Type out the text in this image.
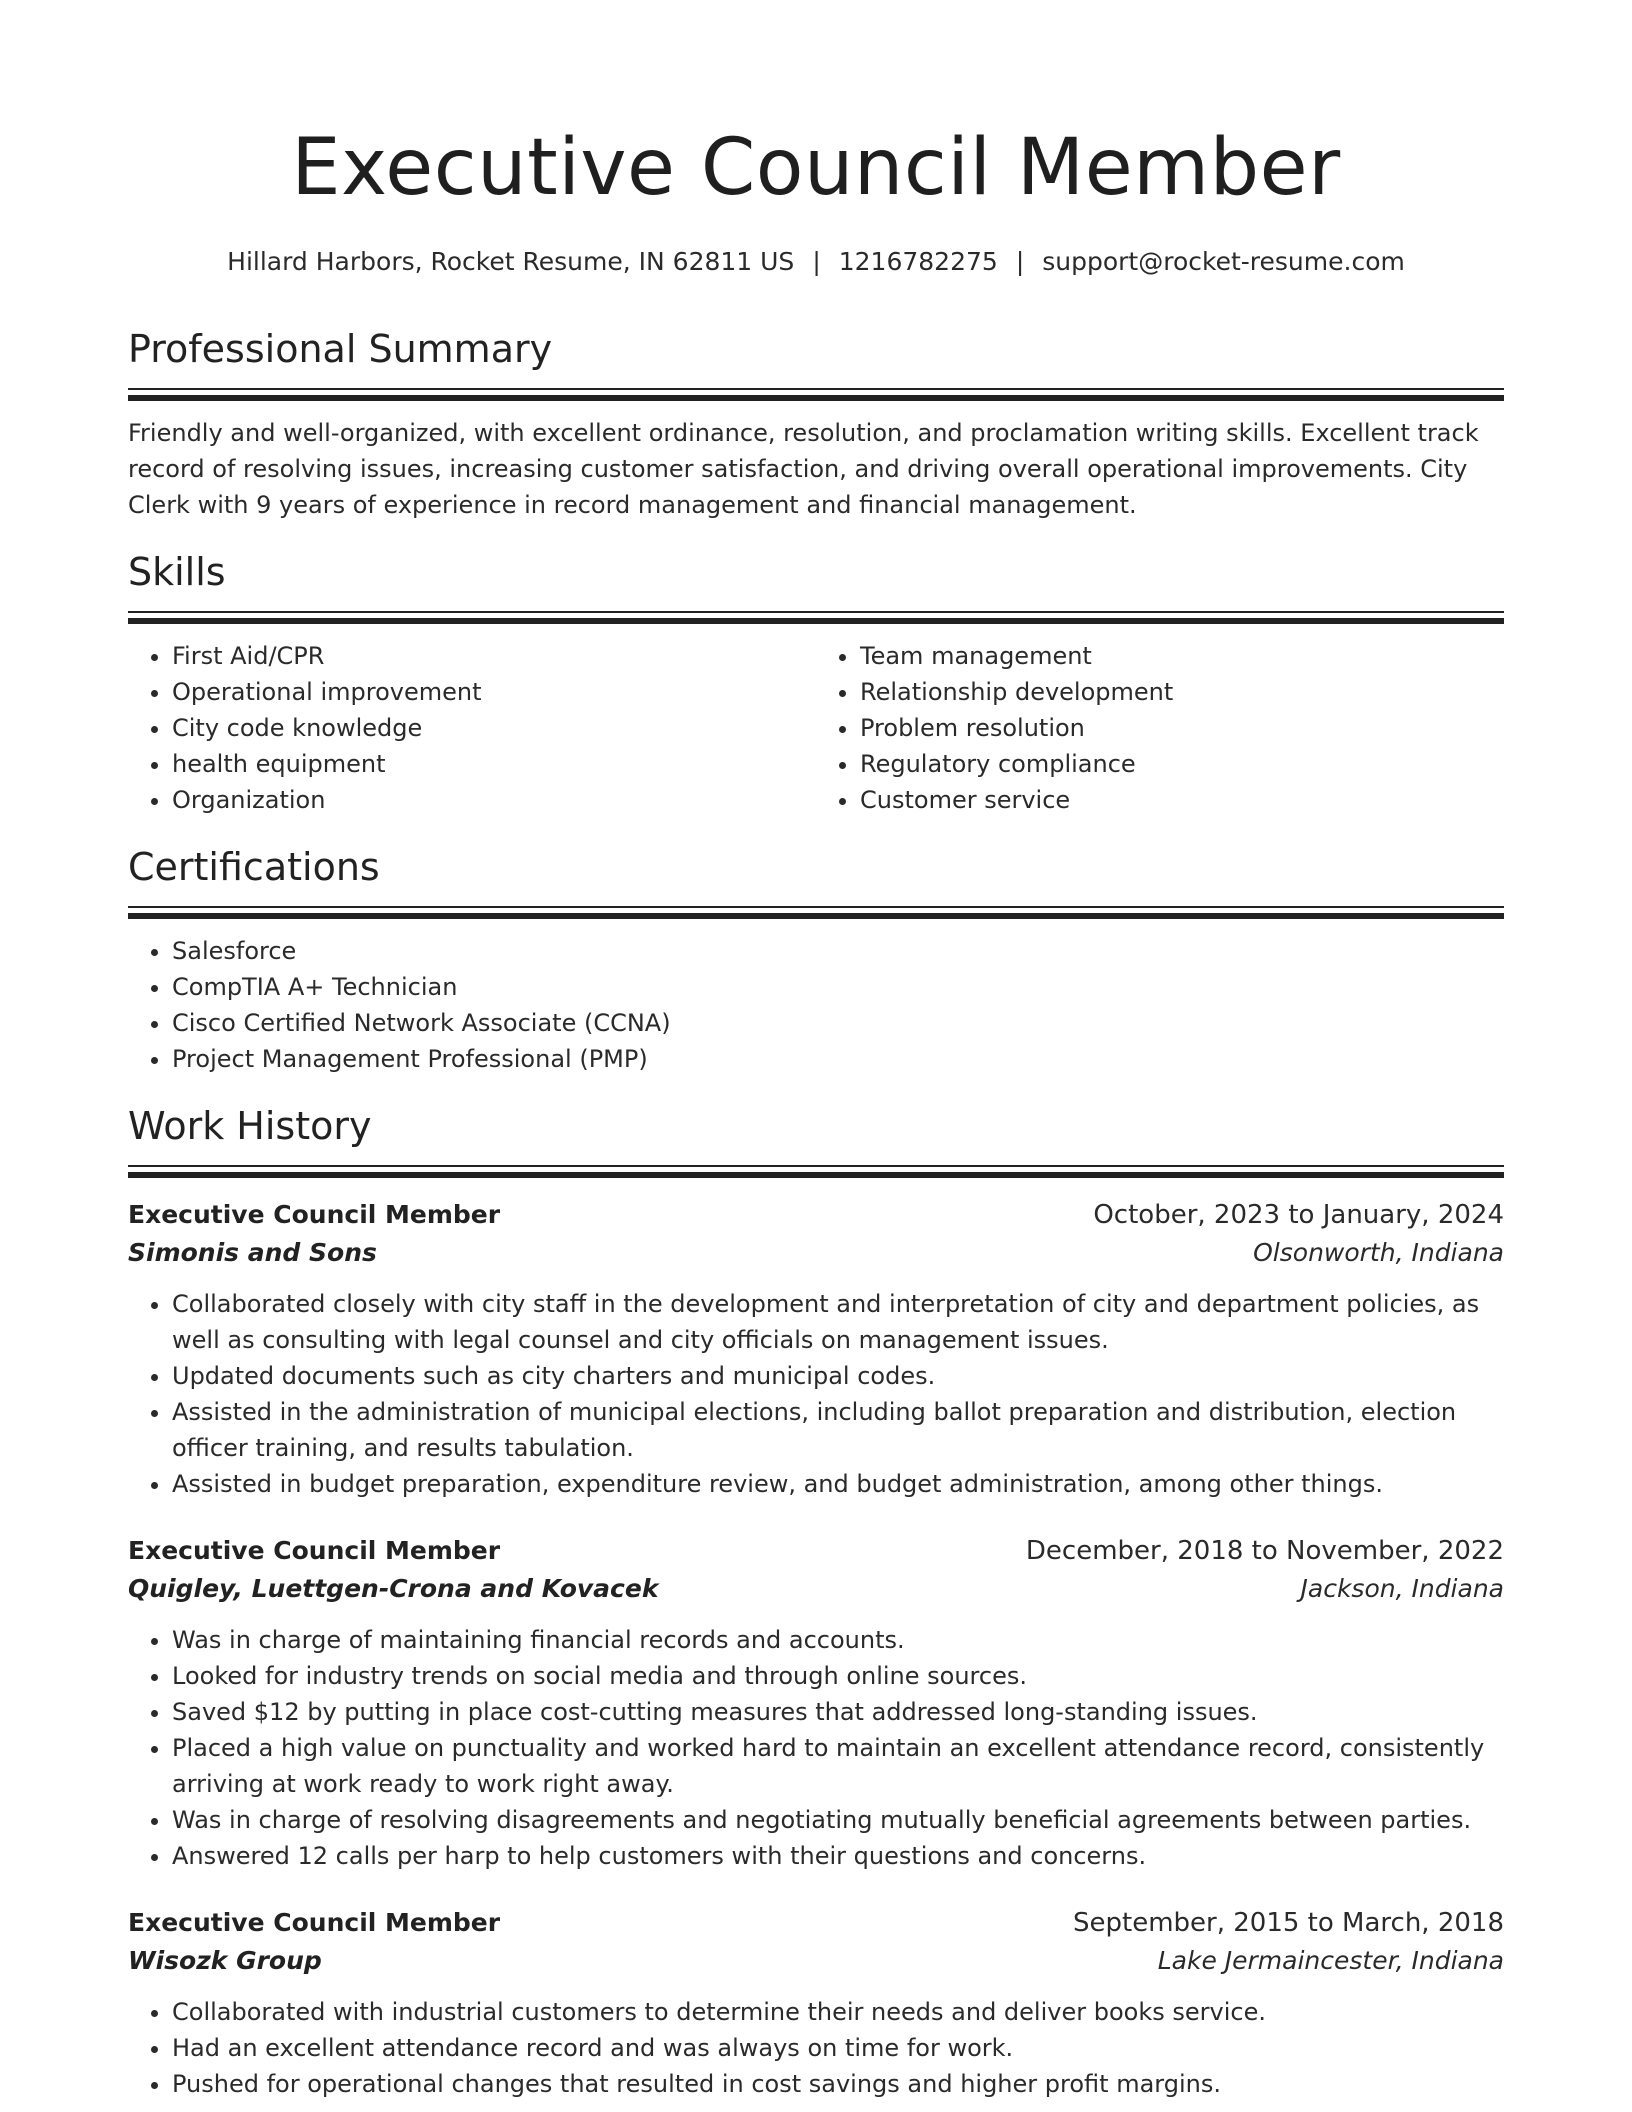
Executive Council Member
Hillard Harbors, Rocket Resume, IN 62811 US | 1216782275 | support@rocket-resume.com
Professional Summary
Friendly and well-organized, with excellent ordinance, resolution, and proclamation writing skills. Excellent track record of resolving issues, increasing customer satisfaction, and driving overall operational improvements. City Clerk with 9 years of experience in record management and financial management.
Skills
• First Aid/CPR
• Operational improvement
• City code knowledge
• health equipment
• Organization
• Team management
• Relationship development
• Problem resolution
• Regulatory compliance
• Customer service
Certifications
• Salesforce
• CompTIA A+ Technician
• Cisco Certified Network Associate (CCNA)
• Project Management Professional (PMP)
Work History
Executive Council Member	October, 2023 to January, 2024
Simonis and Sons	Olsonworth, Indiana
• Collaborated closely with city staff in the development and interpretation of city and department policies, as well as consulting with legal counsel and city officials on management issues.
• Updated documents such as city charters and municipal codes.
• Assisted in the administration of municipal elections, including ballot preparation and distribution, election officer training, and results tabulation.
• Assisted in budget preparation, expenditure review, and budget administration, among other things.
Executive Council Member	December, 2018 to November, 2022
Quigley, Luettgen-Crona and Kovacek	Jackson, Indiana
• Was in charge of maintaining financial records and accounts.
• Looked for industry trends on social media and through online sources.
• Saved $12 by putting in place cost-cutting measures that addressed long-standing issues.
• Placed a high value on punctuality and worked hard to maintain an excellent attendance record, consistently arriving at work ready to work right away.
• Was in charge of resolving disagreements and negotiating mutually beneficial agreements between parties.
• Answered 12 calls per harp to help customers with their questions and concerns.
Executive Council Member	September, 2015 to March, 2018
Wisozk Group	Lake Jermaincester, Indiana
• Collaborated with industrial customers to determine their needs and deliver books service.
• Had an excellent attendance record and was always on time for work.
• Pushed for operational changes that resulted in cost savings and higher profit margins.
